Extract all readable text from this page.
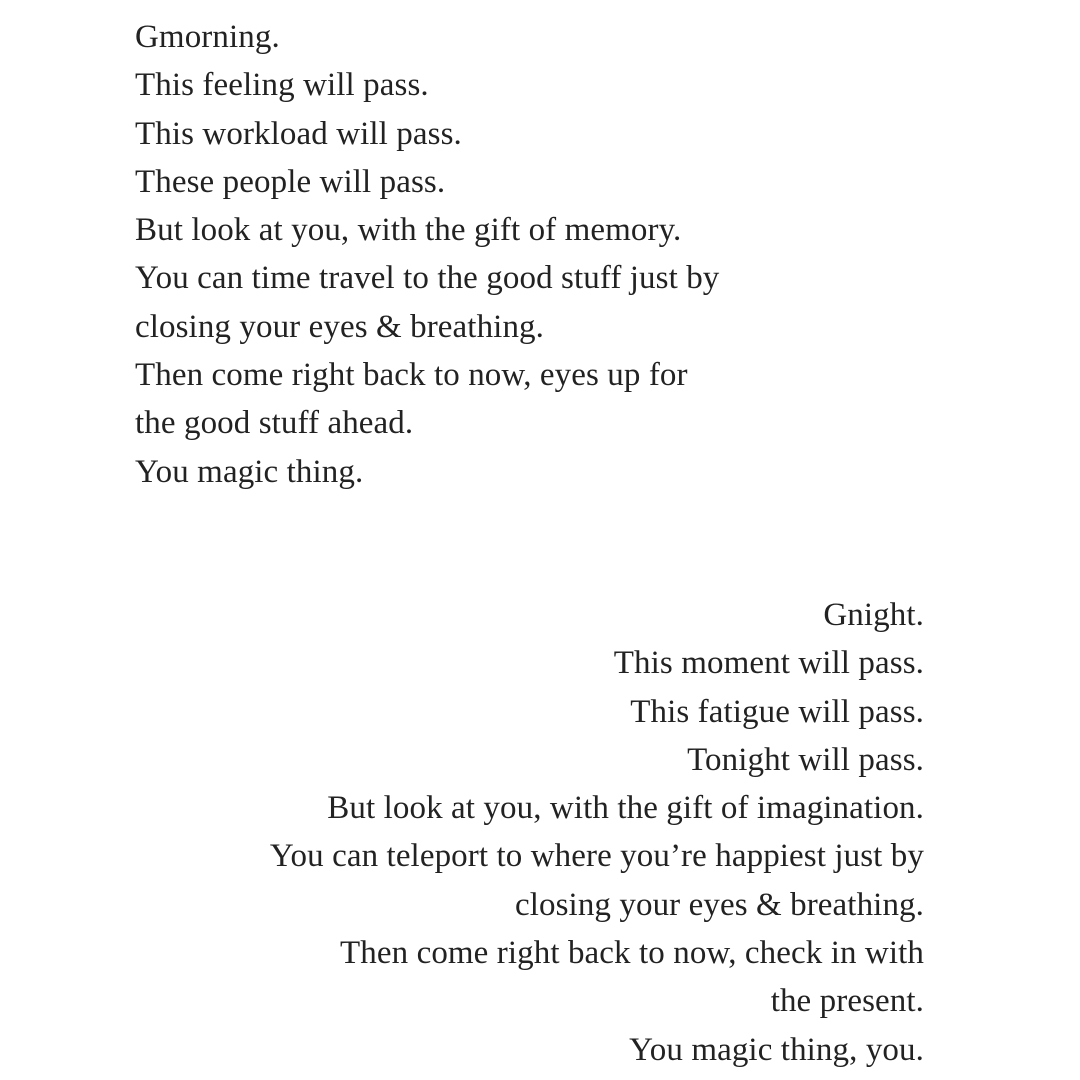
Gmorning.
This feeling will pass.
This workload will pass.
These people will pass.
But look at you, with the gift of memory.
You can time travel to the good stuff just by
closing your eyes & breathing.
Then come right back to now, eyes up for
the good stuff ahead.
You magic thing.
Gnight.
This moment will pass.
This fatigue will pass.
Tonight will pass.
But look at you, with the gift of imagination.
You can teleport to where you’re happiest just by
closing your eyes & breathing.
Then come right back to now, check in with
the present.
You magic thing, you.
